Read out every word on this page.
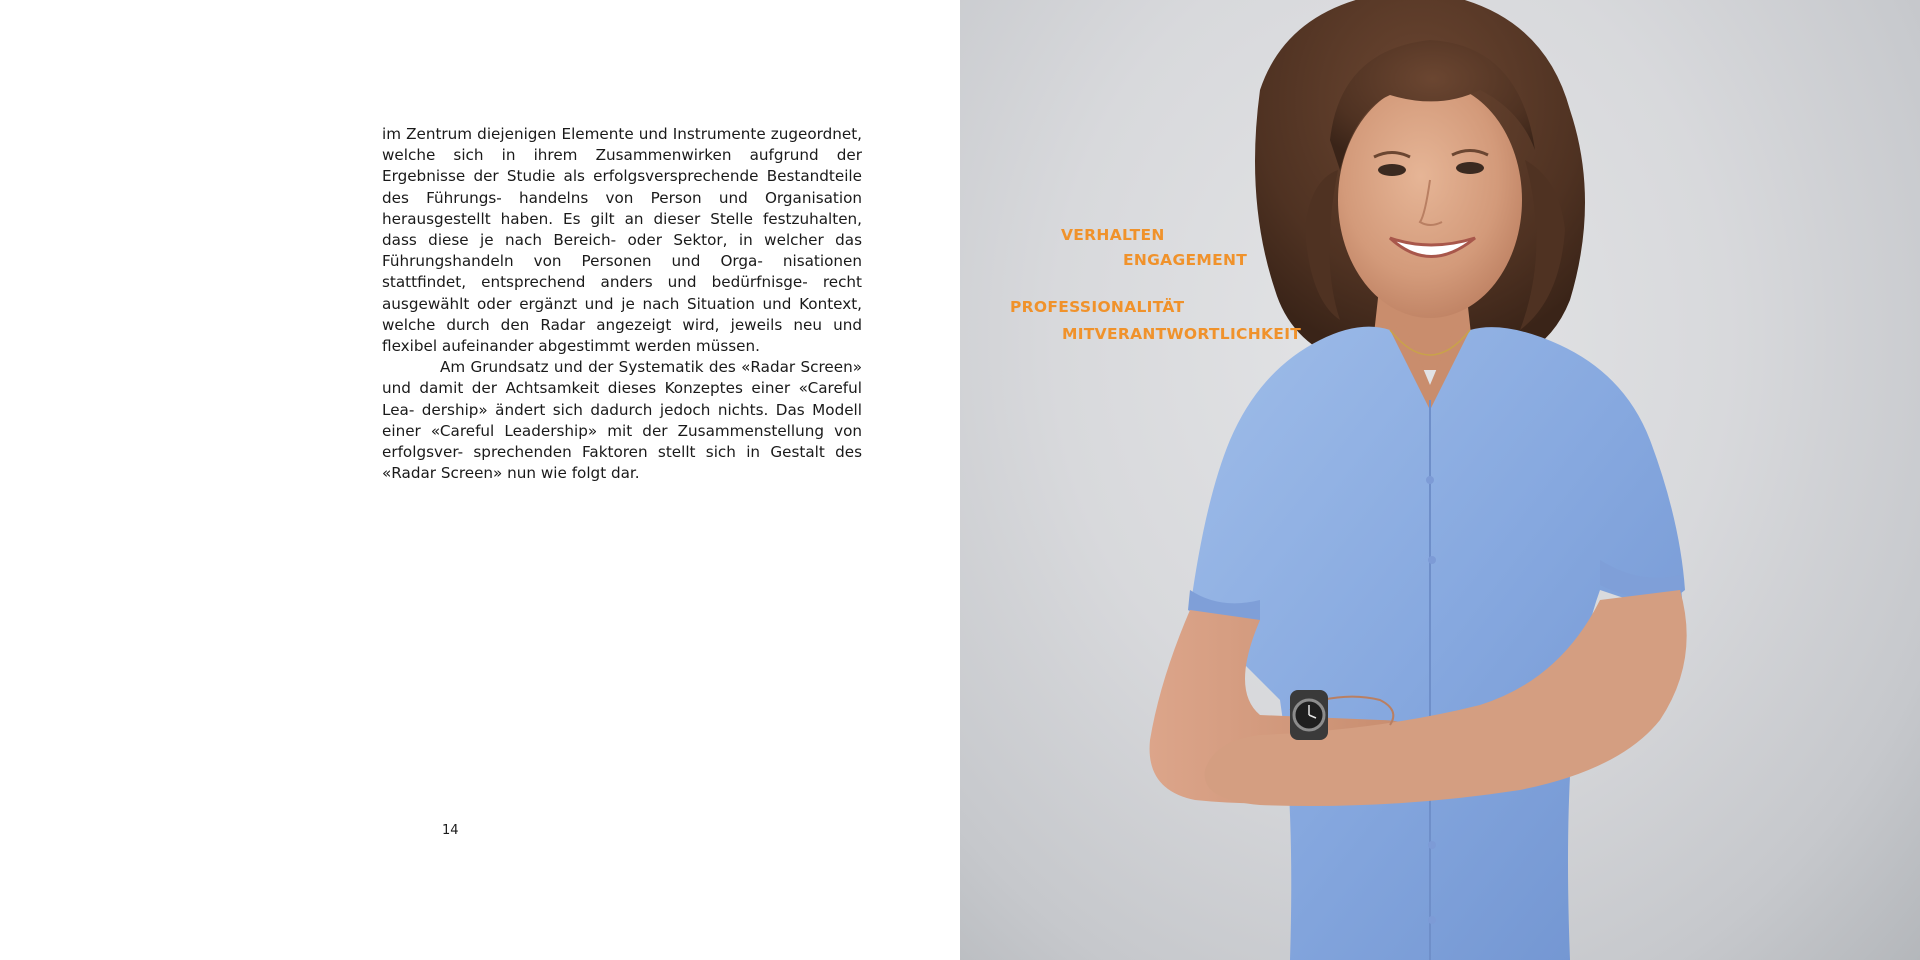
im Zentrum diejenigen Elemente und Instrumente zugeordnet, welche sich in ihrem Zusammenwirken aufgrund der Ergebnisse der Studie als erfolgsversprechende Bestandteile des Führungs- handelns von Person und Organisation herausgestellt haben. Es gilt an dieser Stelle festzuhalten, dass diese je nach Bereich- oder Sektor, in welcher das Führungshandeln von Personen und Orga- nisationen stattfindet, entsprechend anders und bedürfnisge- recht ausgewählt oder ergänzt und je nach Situation und Kontext, welche durch den Radar angezeigt wird, jeweils neu und flexibel aufeinander abgestimmt werden müssen.

Am Grundsatz und der Systematik des «Radar Screen» und damit der Achtsamkeit dieses Konzeptes einer «Careful Lea- dership» ändert sich dadurch jedoch nichts. Das Modell einer «Careful Leadership» mit der Zusammenstellung von erfolgsver- sprechenden Faktoren stellt sich in Gestalt des «Radar Screen» nun wie folgt dar.

14
VERHALTEN
ENGAGEMENT
PROFESSIONALITÄT
MITVERANTWORTLICHKEIT
